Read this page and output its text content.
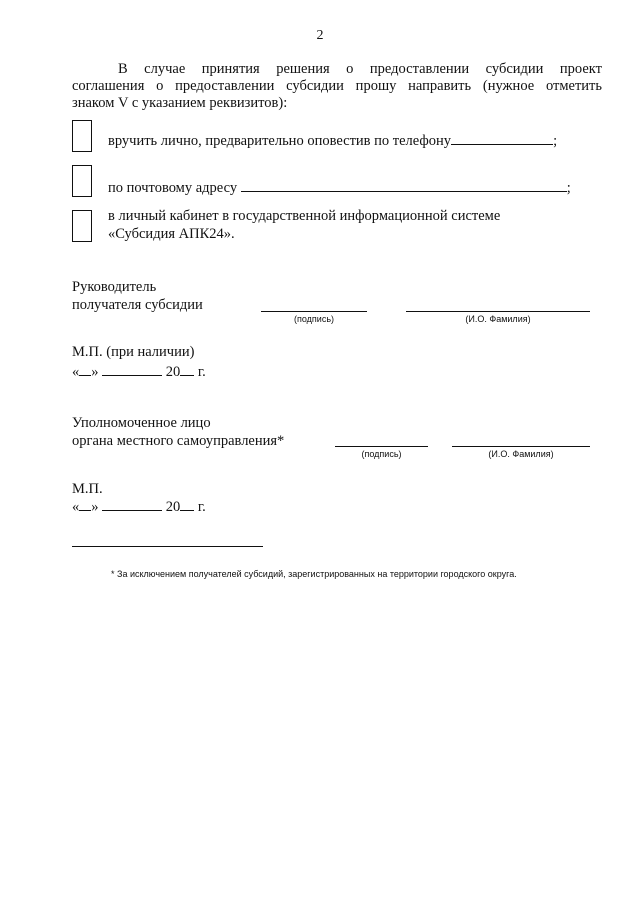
2
В случае принятия решения о предоставлении субсидии проект
соглашения о предоставлении субсидии прошу направить (нужное отметить
знаком V с указанием реквизитов):
вручить лично, предварительно оповестив по телефону	;
по почтовому адресу	;
в личный кабинет в государственной информационной системе
«Субсидия АПК24».
Руководитель
получателя субсидии
(подпись)	(И.О. Фамилия)
М.П. (при наличии)
« »	20 г.
Уполномоченное лицо
органа местного самоуправления*
(подпись)	(И.О. Фамилия)
М.П.
« »	20 г.
* За исключением получателей субсидий, зарегистрированных на территории городского округа.
